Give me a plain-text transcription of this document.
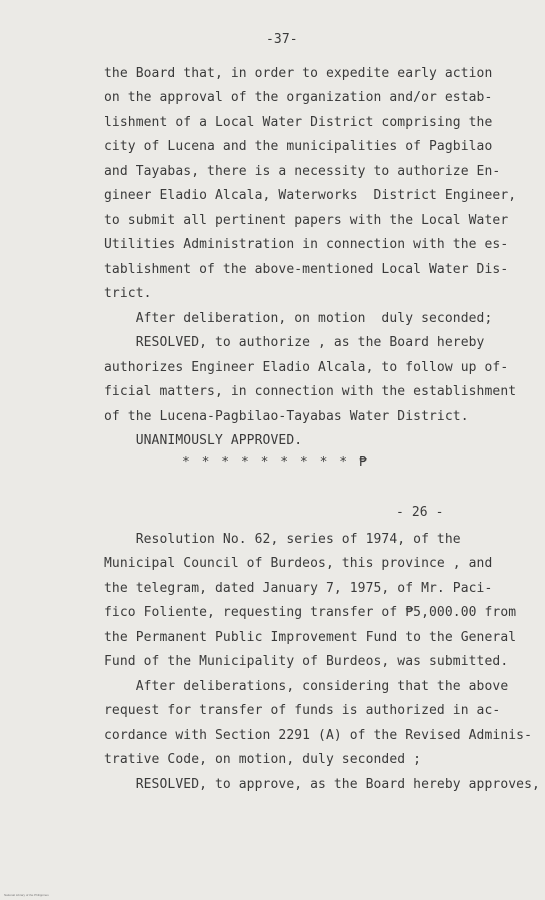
-37-
the Board that, in order to expedite early action
on the approval of the organization and/or estab-
lishment of a Local Water District comprising the
city of Lucena and the municipalities of Pagbilao
and Tayabas, there is a necessity to authorize En-
gineer Eladio Alcala, Waterworks  District Engineer,
to submit all pertinent papers with the Local Water
Utilities Administration in connection with the es-
tablishment of the above-mentioned Local Water Dis-
trict.
After deliberation, on motion  duly seconded;
RESOLVED, to authorize , as the Board hereby
authorizes Engineer Eladio Alcala, to follow up of-
ficial matters, in connection with the establishment
of the Lucena-Pagbilao-Tayabas Water District.
UNANIMOUSLY APPROVED.
* * * * * * * * * ₱
- 26 -
Resolution No. 62, series of 1974, of the
Municipal Council of Burdeos, this province , and
the telegram, dated January 7, 1975, of Mr. Paci-
fico Foliente, requesting transfer of ₱5,000.00 from
the Permanent Public Improvement Fund to the General
Fund of the Municipality of Burdeos, was submitted.
After deliberations, considering that the above
request for transfer of funds is authorized in ac-
cordance with Section 2291 (A) of the Revised Adminis-
trative Code, on motion, duly seconded ;
RESOLVED, to approve, as the Board hereby approves,
National Library of the Philippines
